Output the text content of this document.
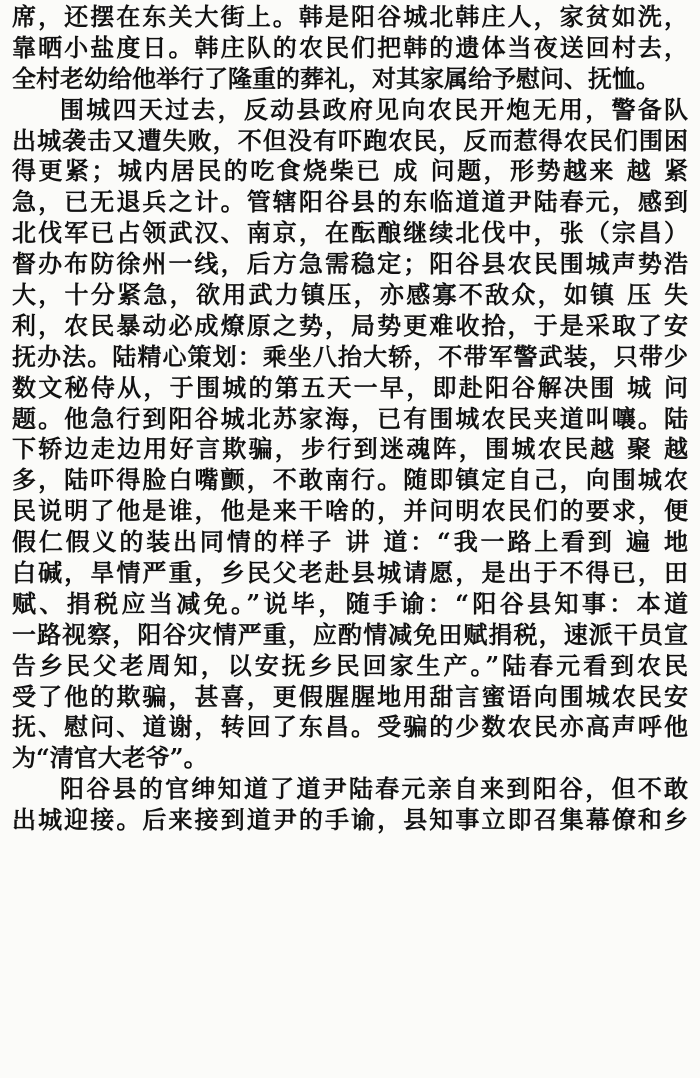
席，还摆在东关大街上。韩是阳谷城北韩庄人，家贫如洗，
靠晒小盐度日。韩庄队的农民们把韩的遗体当夜送回村去，
全村老幼给他举行了隆重的葬礼，对其家属给予慰问、抚恤。
围城四天过去，反动县政府见向农民开炮无用，警备队
出城袭击又遭失败，不但没有吓跑农民，反而惹得农民们围困
得更紧；城内居民的吃食烧柴已 成 问题，形势越来 越 紧
急，已无退兵之计。管辖阳谷县的东临道道尹陆春元，感到
北伐军已占领武汉、南京，在酝酿继续北伐中，张（宗昌）
督办布防徐州一线，后方急需稳定；阳谷县农民围城声势浩
大，十分紧急，欲用武力镇压，亦感寡不敌众，如镇 压 失
利，农民暴动必成燎原之势，局势更难收拾，于是采取了安
抚办法。陆精心策划：乘坐八抬大轿，不带军警武装，只带少
数文秘侍从，于围城的第五天一早，即赴阳谷解决围 城 问
题。他急行到阳谷城北苏家海，已有围城农民夹道叫嚷。陆
下轿边走边用好言欺骗，步行到迷魂阵，围城农民越 聚 越
多，陆吓得脸白嘴颤，不敢南行。随即镇定自己，向围城农
民说明了他是谁，他是来干啥的，并问明农民们的要求，便
假仁假义的装出同情的样子 讲 道：“我一路上看到 遍 地
白碱，旱情严重，乡民父老赴县城请愿，是出于不得已，田
赋、捐税应当减免。”说毕，随手谕：“阳谷县知事：本道
一路视察，阳谷灾情严重，应酌情减免田赋捐税，速派干员宣
告乡民父老周知，以安抚乡民回家生产。”陆春元看到农民
受了他的欺骗，甚喜，更假腥腥地用甜言蜜语向围城农民安
抚、慰问、道谢，转回了东昌。受骗的少数农民亦高声呼他
为“清官大老爷”。
阳谷县的官绅知道了道尹陆春元亲自来到阳谷，但不敢
出城迎接。后来接到道尹的手谕，县知事立即召集幕僚和乡
